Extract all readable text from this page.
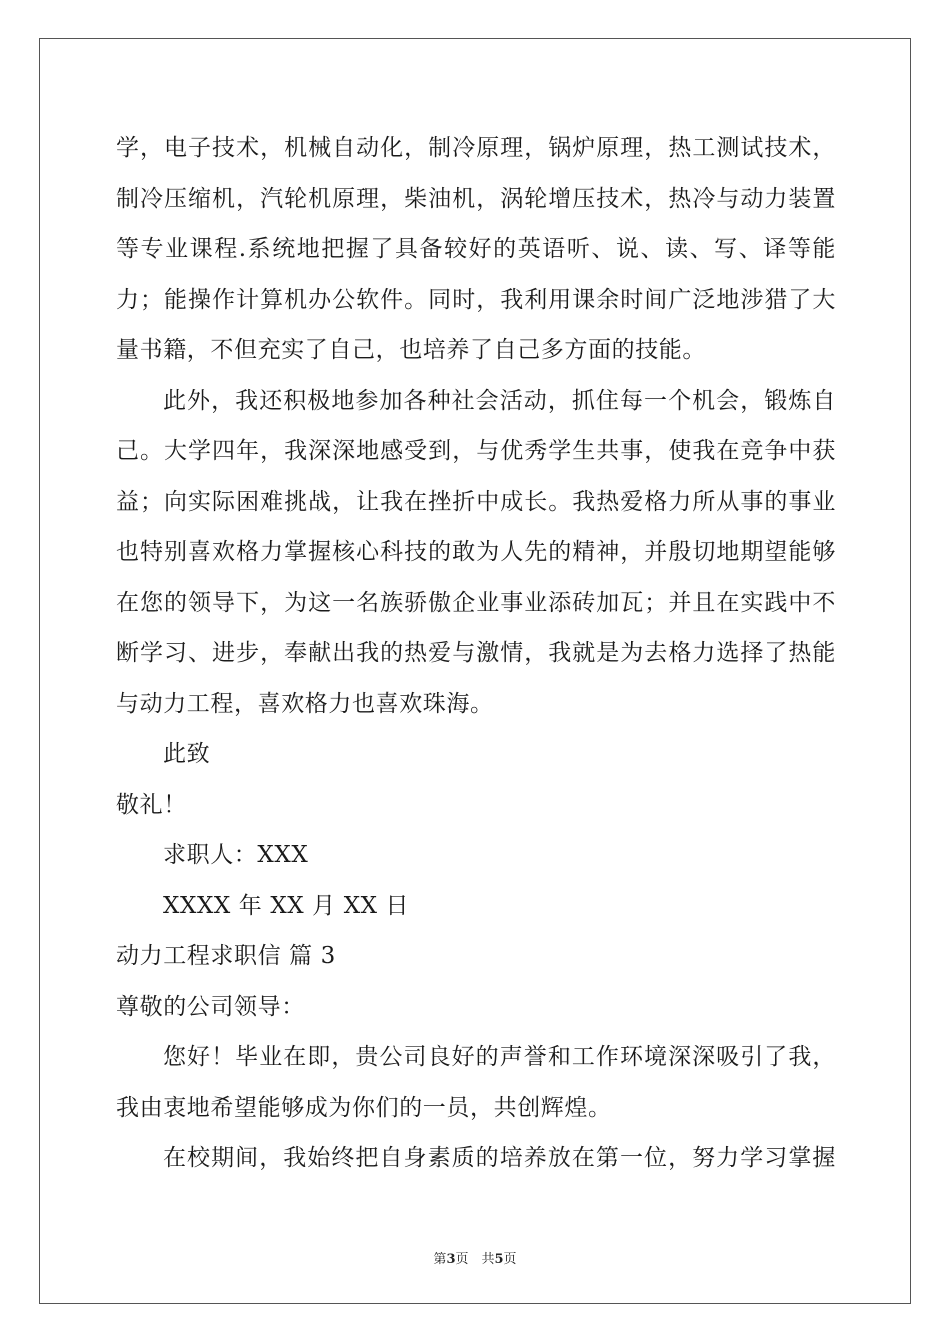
学，电子技术，机械自动化，制冷原理，锅炉原理，热工测试技术，
制冷压缩机，汽轮机原理，柴油机，涡轮增压技术，热冷与动力装置
等专业课程.系统地把握了具备较好的英语听、说、读、写、译等能
力；能操作计算机办公软件。同时，我利用课余时间广泛地涉猎了大
量书籍，不但充实了自己，也培养了自己多方面的技能。
此外，我还积极地参加各种社会活动，抓住每一个机会，锻炼自
己。大学四年，我深深地感受到，与优秀学生共事，使我在竞争中获
益；向实际困难挑战，让我在挫折中成长。我热爱格力所从事的事业
也特别喜欢格力掌握核心科技的敢为人先的精神，并殷切地期望能够
在您的领导下，为这一名族骄傲企业事业添砖加瓦；并且在实践中不
断学习、进步，奉献出我的热爱与激情，我就是为去格力选择了热能
与动力工程，喜欢格力也喜欢珠海。
此致
敬礼！
求职人：XXX
XXXX 年 XX 月 XX 日
动力工程求职信 篇 3
尊敬的公司领导：
您好！毕业在即，贵公司良好的声誉和工作环境深深吸引了我，
我由衷地希望能够成为你们的一员，共创辉煌。
在校期间，我始终把自身素质的培养放在第一位，努力学习掌握
第3页　共5页
